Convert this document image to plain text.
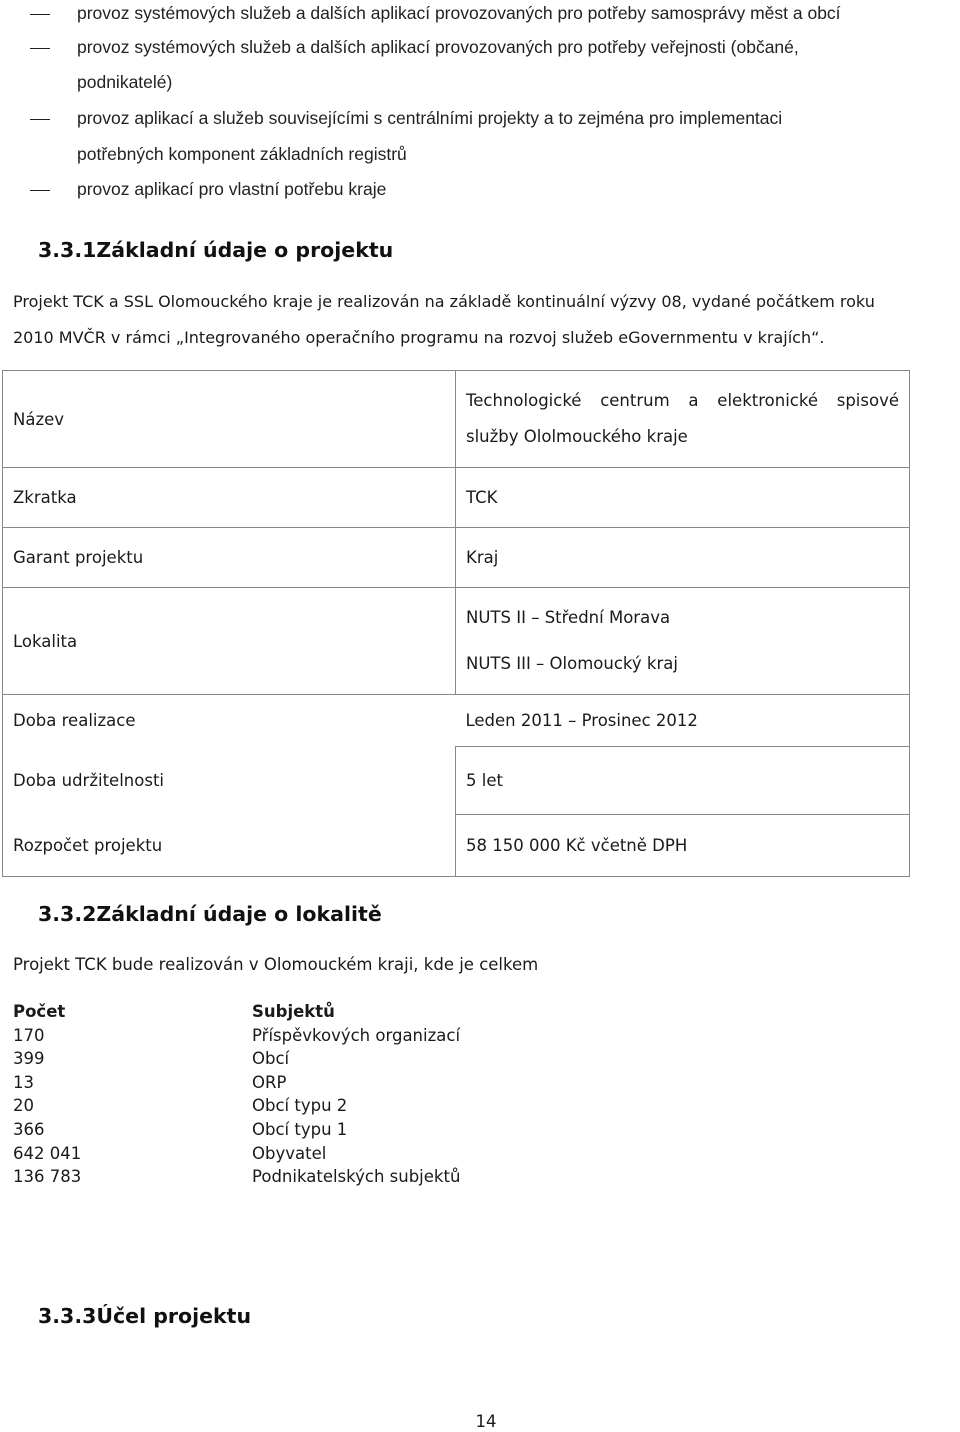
provoz systémových služeb a dalších aplikací provozovaných pro potřeby samosprávy měst a obcí
provoz systémových služeb a dalších aplikací provozovaných pro potřeby veřejnosti (občané,
podnikatelé)
provoz aplikací a služeb souvisejícími s centrálními projekty a to zejména pro implementaci
potřebných komponent základních registrů
provoz aplikací pro vlastní potřebu kraje
3.3.1Základní údaje o projektu
Projekt TCK a SSL Olomouckého kraje je realizován na základě kontinuální výzvy 08, vydané počátkem roku
2010 MVČR v rámci „Integrovaného operačního programu na rozvoj služeb eGovernmentu v krajích“.
Název	Technologické centrum a elektronické spisové
služby Ololmouckého kraje

Zkratka	TCK
Garant projektu	Kraj
Lokalita	NUTS II – Střední Morava
NUTS III – Olomoucký kraj

Doba realizace	Leden 2011 – Prosinec 2012
Doba udržitelnosti	5 let
Rozpočet projektu	58 150 000 Kč včetně DPH
3.3.2Základní údaje o lokalitě
Projekt TCK bude realizován v Olomouckém kraji, kde je celkem
Počet	Subjektů
170	Příspěvkových organizací
399	Obcí
13	ORP
20	Obcí typu 2
366	Obcí typu 1
642 041	Obyvatel
136 783	Podnikatelských subjektů
3.3.3Účel projektu
14
